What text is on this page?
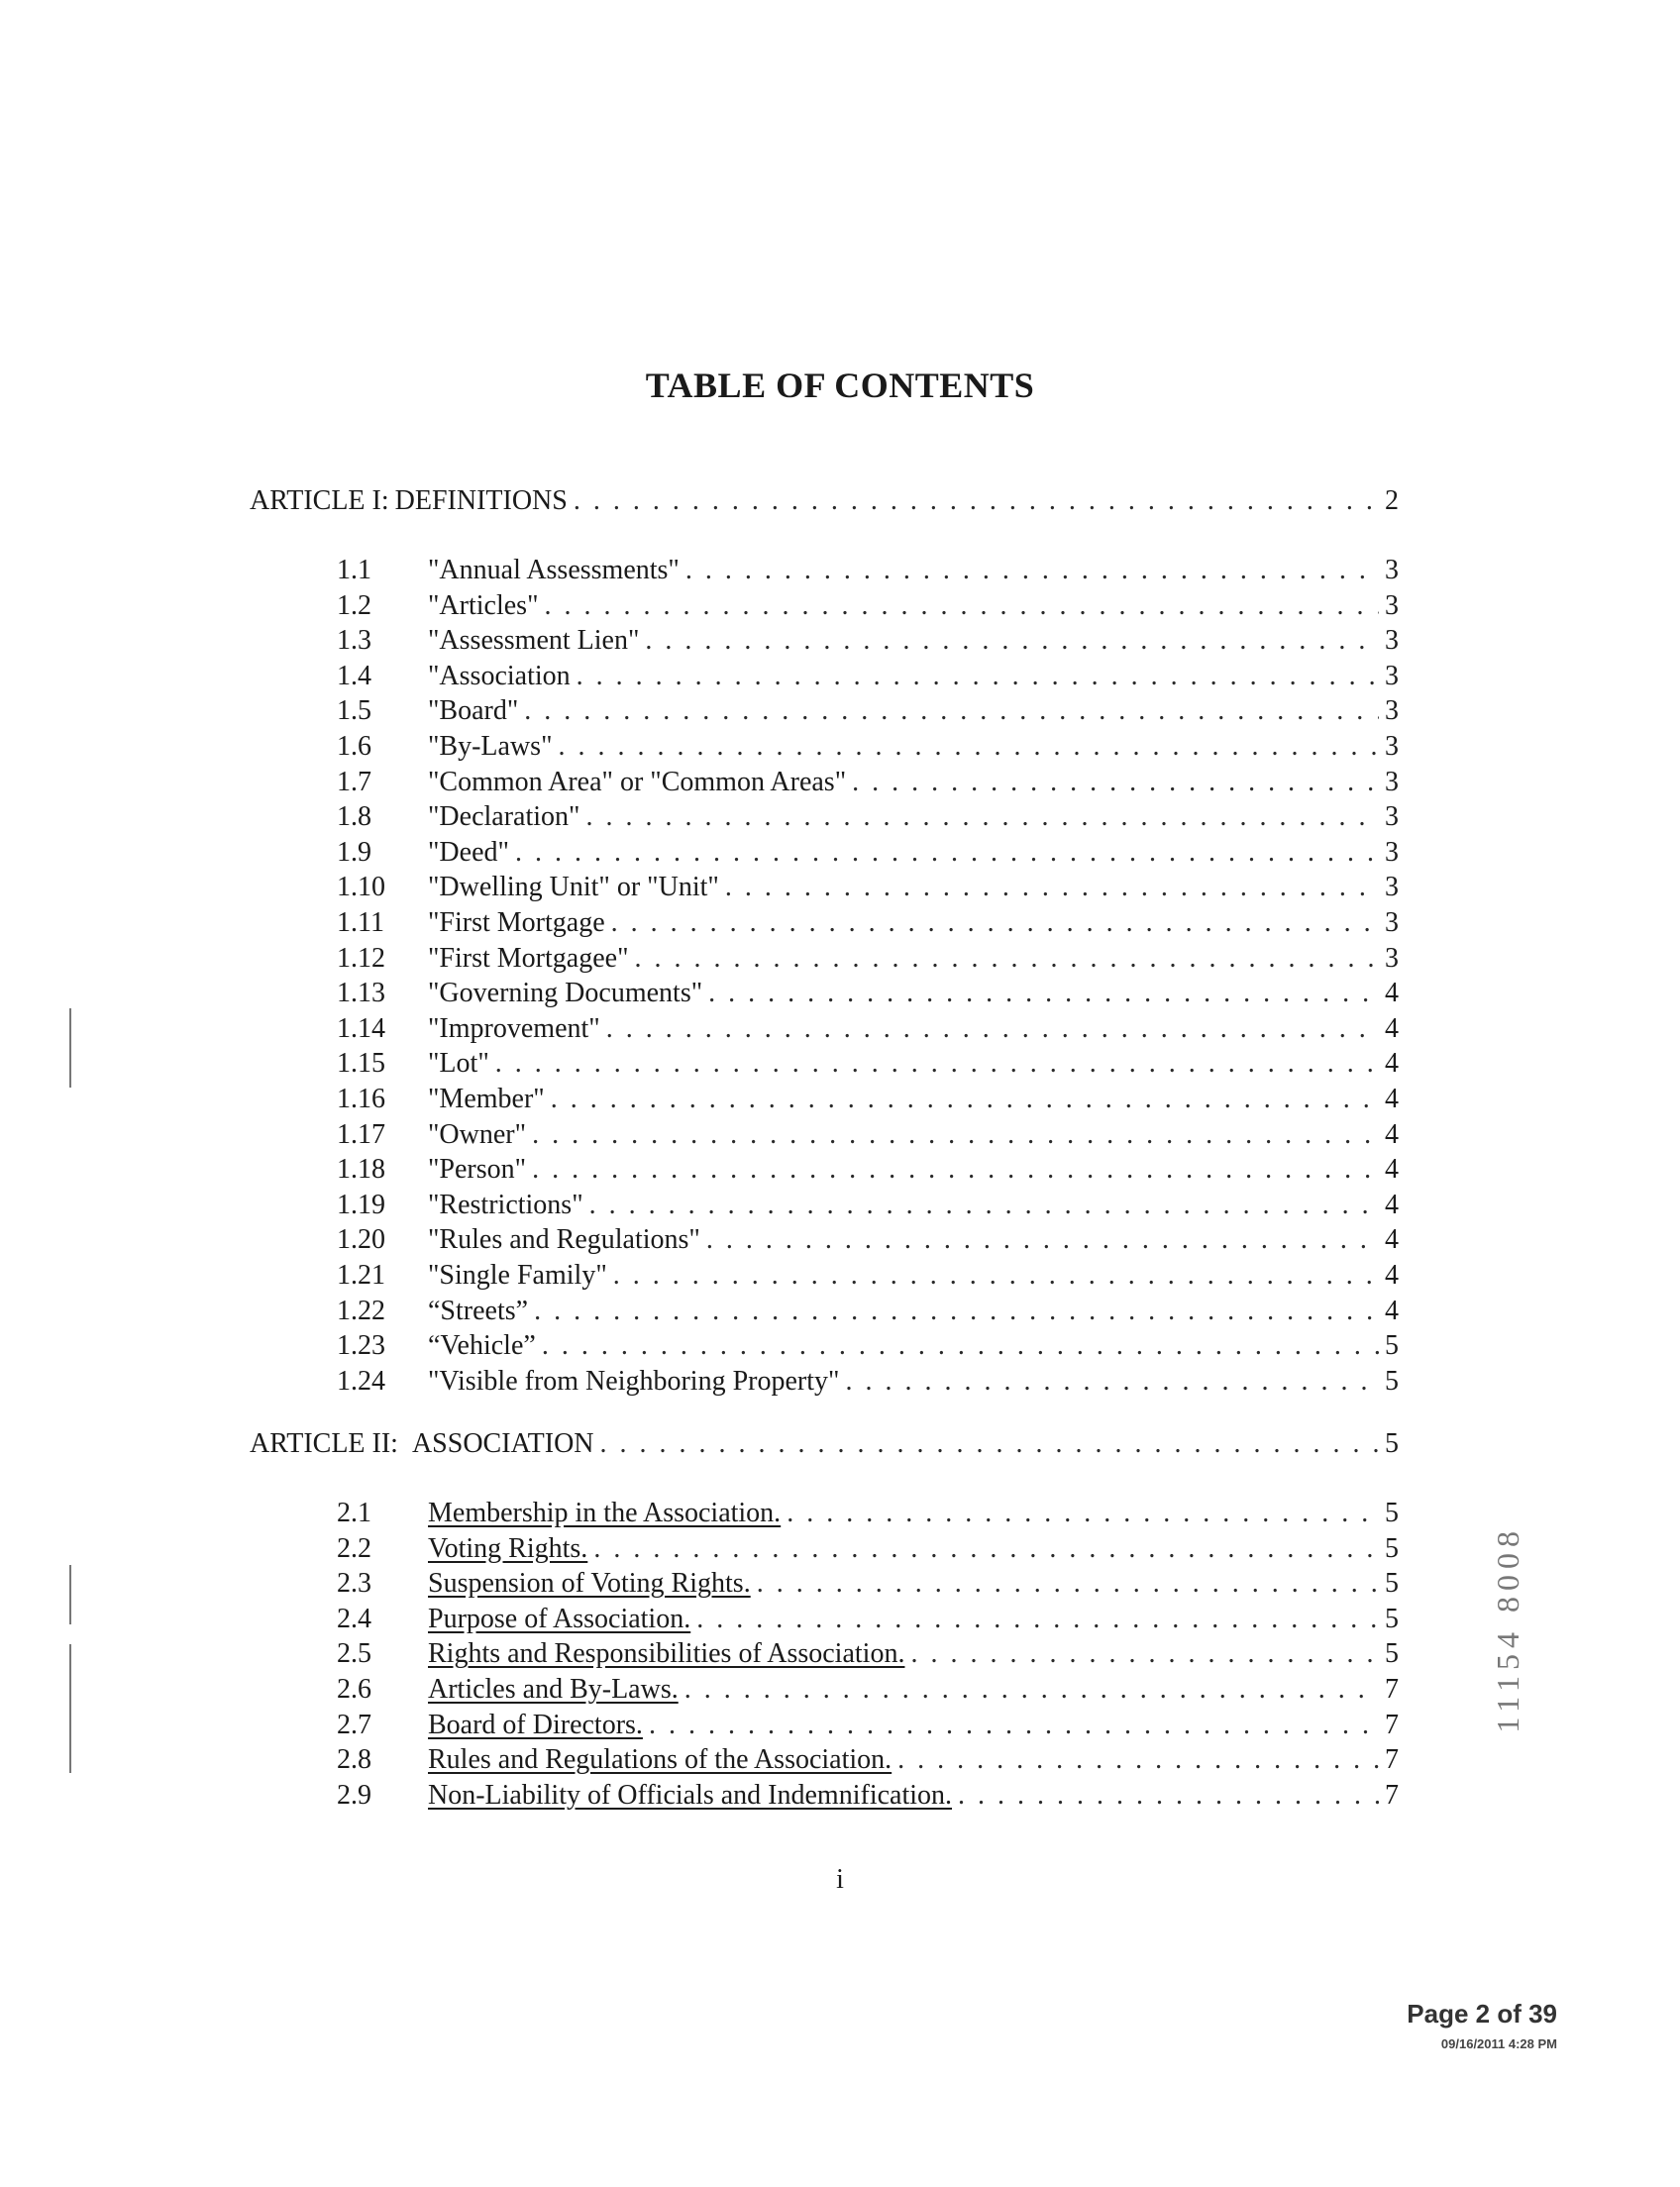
TABLE OF CONTENTS
ARTICLE I: DEFINITIONS . . .	2
1.1	"Annual Assessments" . . .	3
1.2	"Articles" . . .	3
1.3	"Assessment Lien" . . .	3
1.4	"Association . . .	3
1.5	"Board" . . .	3
1.6	"By-Laws" . . .	3
1.7	"Common Area" or "Common Areas" . . .	3
1.8	"Declaration" . . .	3
1.9	"Deed" . . .	3
1.10	"Dwelling Unit" or "Unit" . . .	3
1.11	"First Mortgage . . .	3
1.12	"First Mortgagee" . . .	3
1.13	"Governing Documents" . . .	4
1.14	"Improvement" . . .	4
1.15	"Lot" . . .	4
1.16	"Member" . . .	4
1.17	"Owner" . . .	4
1.18	"Person" . . .	4
1.19	"Restrictions" . . .	4
1.20	"Rules and Regulations" . . .	4
1.21	"Single Family" . . .	4
1.22	“Streets” . . .	4
1.23	“Vehicle” . . .	5
1.24	"Visible from Neighboring Property" . . .	5
ARTICLE II: ASSOCIATION . . .	5
2.1	Membership in the Association. . . .	5
2.2	Voting Rights. . . .	5
2.3	Suspension of Voting Rights. . . .	5
2.4	Purpose of Association. . . .	5
2.5	Rights and Responsibilities of Association. . . .	5
2.6	Articles and By-Laws. . . .	7
2.7	Board of Directors. . . .	7
2.8	Rules and Regulations of the Association. . . .	7
2.9	Non-Liability of Officials and Indemnification. . . .	7
i
Page 2 of 39
09/16/2011 4:28 PM
11154 8008
